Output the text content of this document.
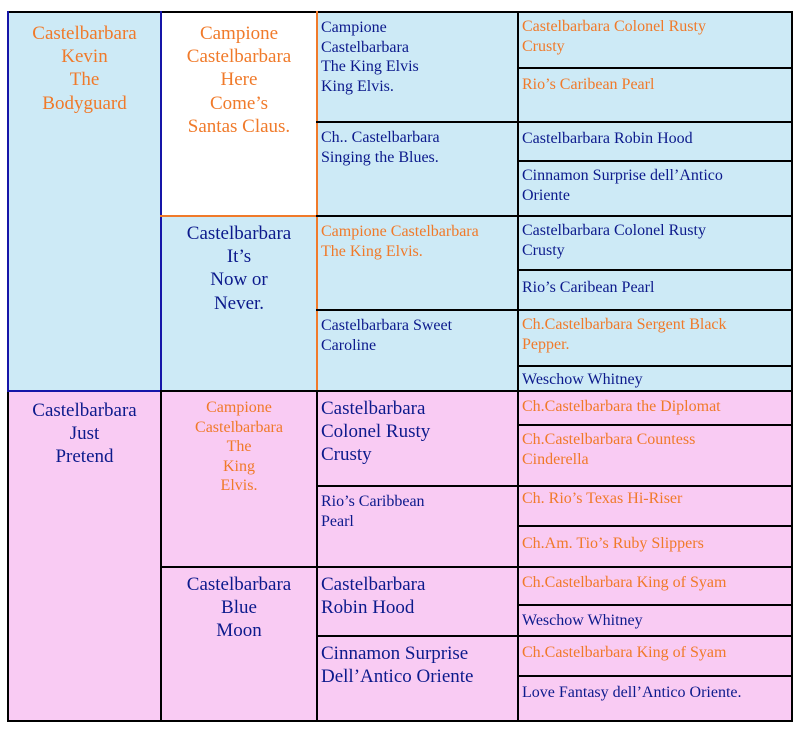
Castelbarbara
Kevin
The
Bodyguard
Castelbarbara
Just
Pretend
Campione
Castelbarbara
Here
Come’s
Santas Claus.
Castelbarbara
It’s
Now or
Never.
Campione
Castelbarbara
The
King
Elvis.
Castelbarbara
Blue
Moon
Campione
Castelbarbara
The King Elvis
King Elvis.
Ch.. Castelbarbara
Singing the Blues.
Campione Castelbarbara
The King Elvis.
Castelbarbara Sweet
Caroline
Castelbarbara
Colonel Rusty
Crusty
Rio’s Caribbean
Pearl
Castelbarbara
Robin Hood
Cinnamon Surprise
Dell’Antico Oriente
Castelbarbara Colonel Rusty
Crusty
Rio’s Caribean Pearl
Castelbarbara Robin Hood
Cinnamon Surprise dell’Antico
Oriente
Castelbarbara Colonel Rusty
Crusty
Rio’s Caribean Pearl
Ch.Castelbarbara Sergent Black
Pepper.
Weschow Whitney
Ch.Castelbarbara the Diplomat
Ch.Castelbarbara Countess
Cinderella
Ch. Rio’s Texas Hi-Riser
Ch.Am. Tio’s Ruby Slippers
Ch.Castelbarbara King of Syam
Weschow Whitney
Ch.Castelbarbara King of Syam
Love Fantasy dell’Antico Oriente.
